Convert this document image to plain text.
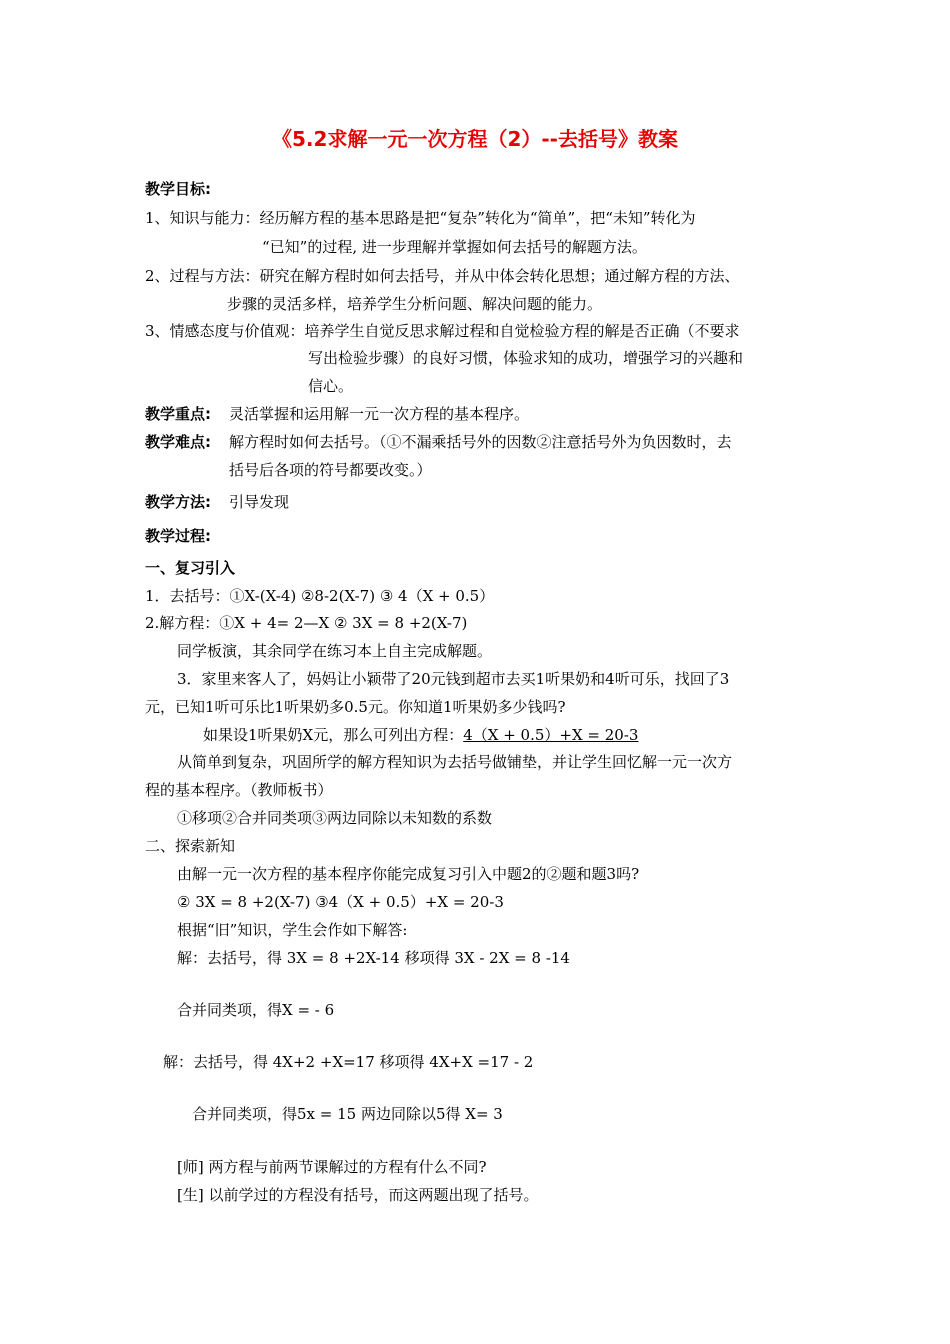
《5.2求解一元一次方程（2）--去括号》教案
教学目标:
1、知识与能力：经历解方程的基本思路是把“复杂”转化为“简单”，把“未知”转化为
“已知”的过程, 进一步理解并掌握如何去括号的解题方法。
2、过程与方法：研究在解方程时如何去括号，并从中体会转化思想；通过解方程的方法、
步骤的灵活多样，培养学生分析问题、解决问题的能力。
3、情感态度与价值观：培养学生自觉反思求解过程和自觉检验方程的解是否正确（不要求
写出检验步骤）的良好习惯，体验求知的成功，增强学习的兴趣和
信心。
教学重点: 灵活掌握和运用解一元一次方程的基本程序。
教学难点: 解方程时如何去括号。（①不漏乘括号外的因数②注意括号外为负因数时，去
括号后各项的符号都要改变。）
教学方法: 引导发现
教学过程:
一、复习引入
1．去括号：①X-(X-4) ②8-2(X-7) ③ 4（X + 0.5）
2.解方程：①X + 4= 2—X ② 3X = 8 +2(X-7)
同学板演，其余同学在练习本上自主完成解题。
3．家里来客人了，妈妈让小颖带了20元钱到超市去买1听果奶和4听可乐，找回了3
元，已知1听可乐比1听果奶多0.5元。你知道1听果奶多少钱吗?
如果设1听果奶X元，那么可列出方程：4（X + 0.5）+X = 20-3
从简单到复杂，巩固所学的解方程知识为去括号做铺垫，并让学生回忆解一元一次方
程的基本程序。（教师板书）
①移项②合并同类项③两边同除以未知数的系数
二、探索新知
由解一元一次方程的基本程序你能完成复习引入中题2的②题和题3吗?
② 3X = 8 +2(X-7) ③4（X + 0.5）+X = 20-3
根据“旧”知识，学生会作如下解答:
解：去括号，得 3X = 8 +2X-14 移项得 3X - 2X = 8 -14
合并同类项，得X = - 6
解：去括号，得 4X+2 +X=17 移项得 4X+X =17 - 2
合并同类项，得5x = 15 两边同除以5得 X= 3
[师] 两方程与前两节课解过的方程有什么不同?
[生] 以前学过的方程没有括号，而这两题出现了括号。
